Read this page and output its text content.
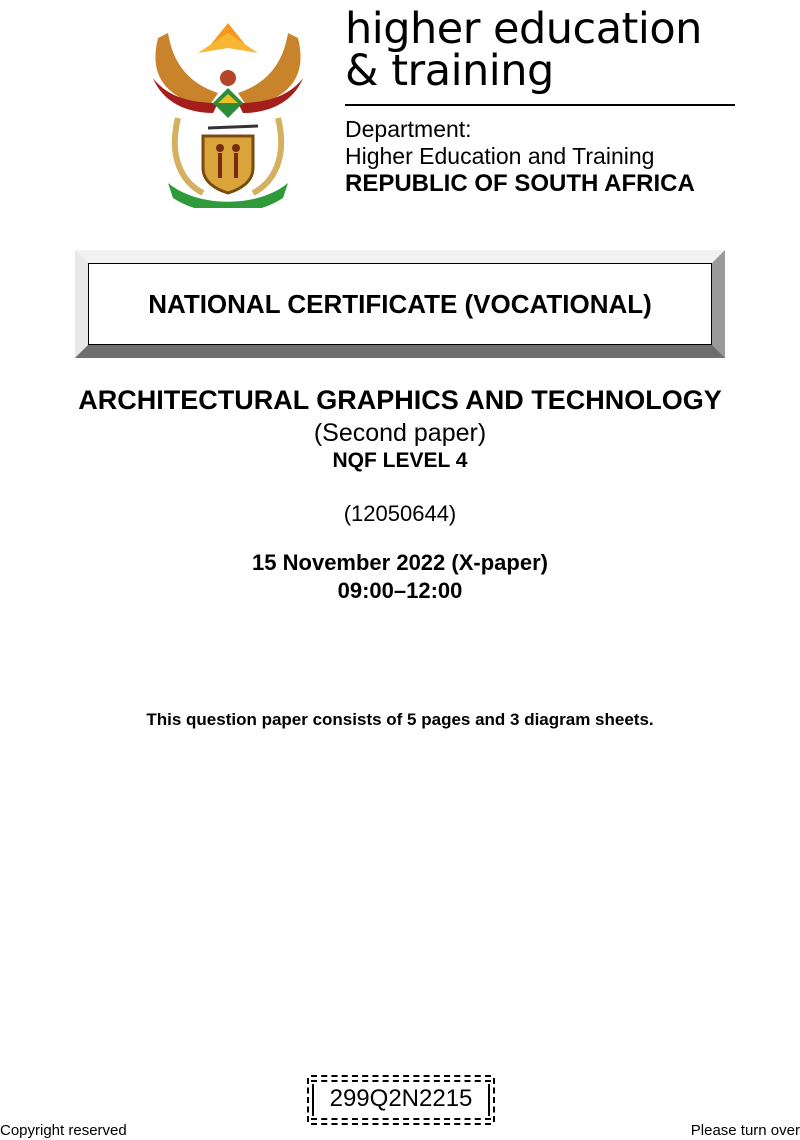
higher education
& training
Department:
Higher Education and Training
REPUBLIC OF SOUTH AFRICA
NATIONAL CERTIFICATE (VOCATIONAL)
ARCHITECTURAL GRAPHICS AND TECHNOLOGY
(Second paper)
NQF LEVEL 4
(12050644)
15 November 2022 (X-paper)
09:00–12:00
This question paper consists of 5 pages and 3 diagram sheets.
299Q2N2215
Copyright reserved	Please turn over
